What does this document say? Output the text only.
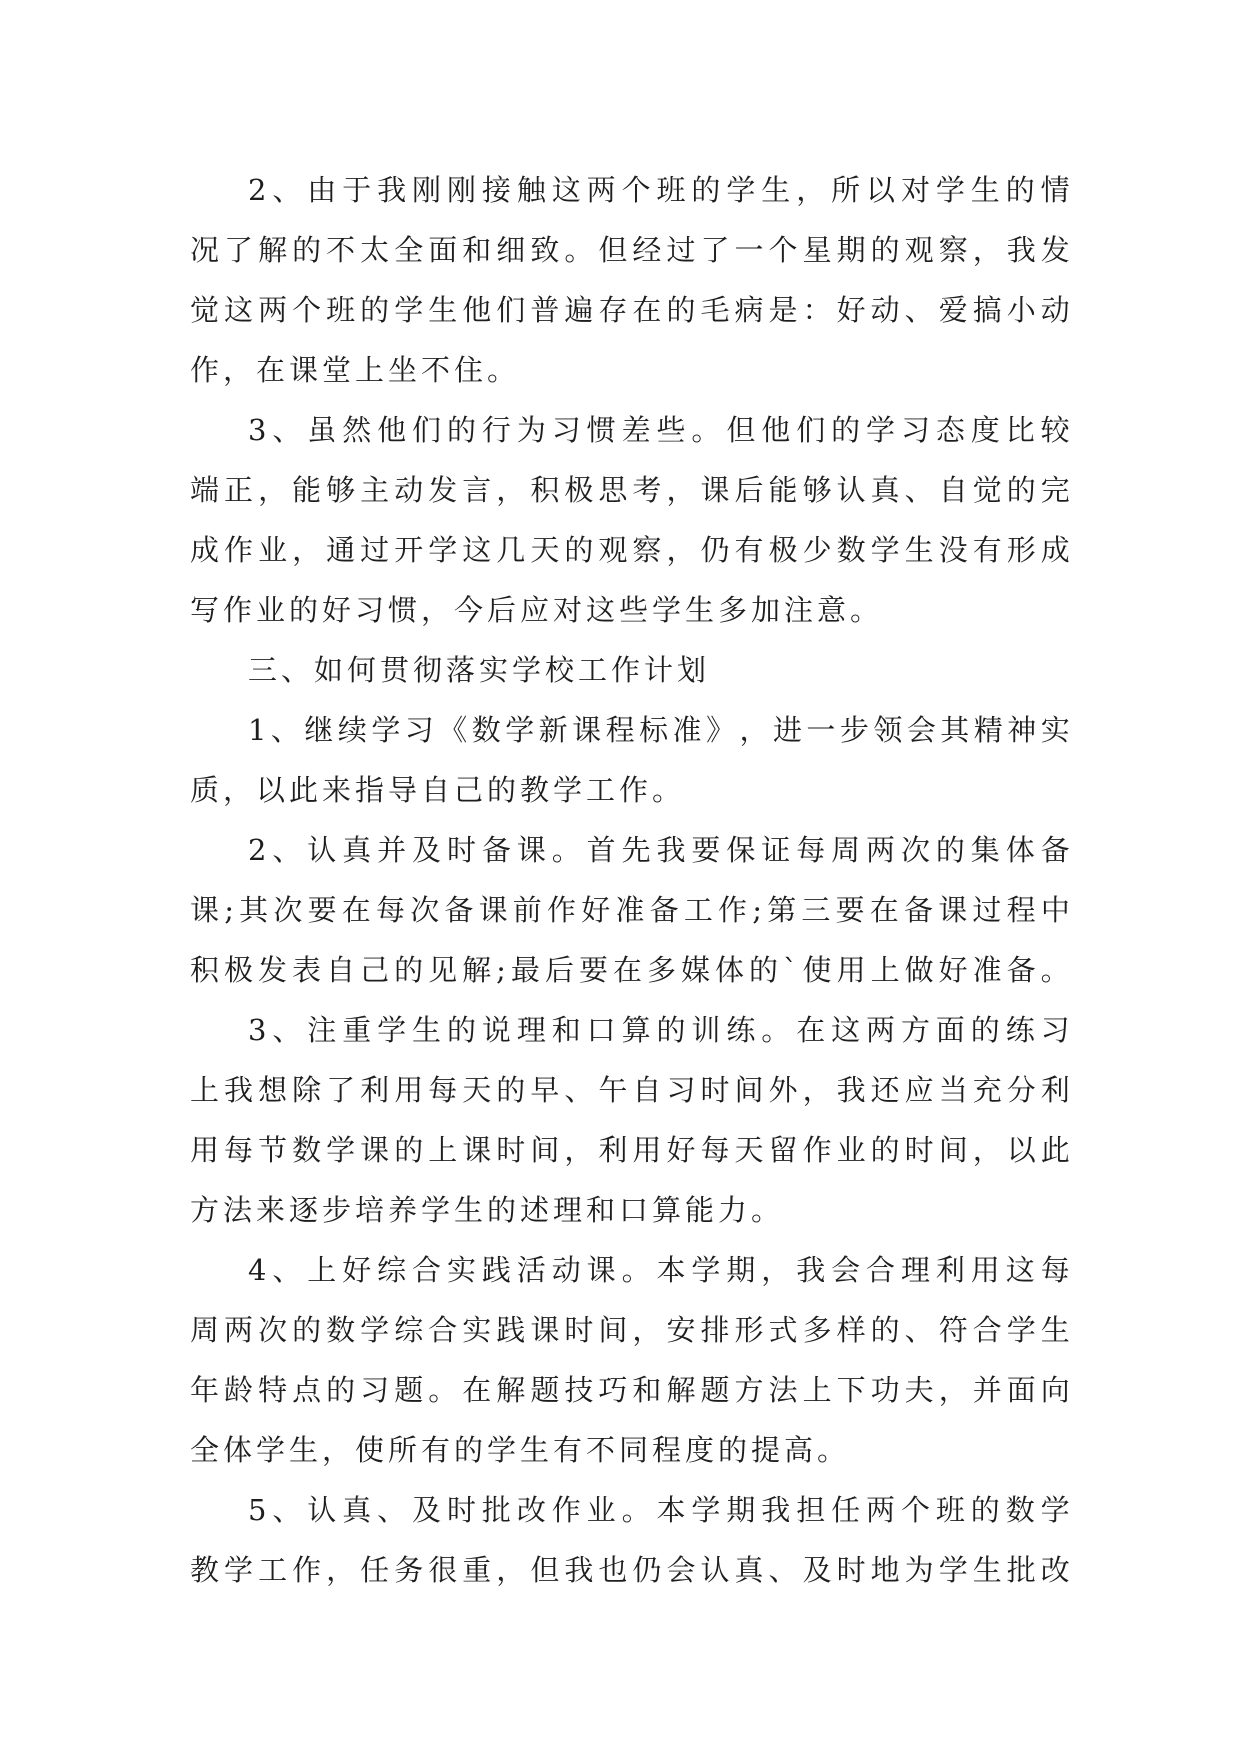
2 、 由 于 我 刚 刚 接 触 这 两 个 班 的 学 生 ， 所 以 对 学 生 的 情
况 了 解 的 不 太 全 面 和 细 致 。 但 经 过 了 一 个 星 期 的 观 察 ， 我 发
觉 这 两 个 班 的 学 生 他 们 普 遍 存 在 的 毛 病 是 ： 好 动 、 爱 搞 小 动
作，在课堂上坐不住。
3 、 虽 然 他 们 的 行 为 习 惯 差 些 。 但 他 们 的 学 习 态 度 比 较
端 正 ， 能 够 主 动 发 言 ， 积 极 思 考 ， 课 后 能 够 认 真 、 自 觉 的 完
成 作 业 ， 通 过 开 学 这 几 天 的 观 察 ， 仍 有 极 少 数 学 生 没 有 形 成
写作业的好习惯，今后应对这些学生多加注意。
三、如何贯彻落实学校工作计划
1 、 继 续 学 习 《 数 学 新 课 程 标 准 》 ， 进 一 步 领 会 其 精 神 实
质，以此来指导自己的教学工作。
2 、 认 真 并 及 时 备 课 。 首 先 我 要 保 证 每 周 两 次 的 集 体 备
课 ; 其 次 要 在 每 次 备 课 前 作 好 准 备 工 作 ; 第 三 要 在 备 课 过 程 中
积 极 发 表 自 己 的 见 解 ; 最 后 要 在 多 媒 体 的 ` 使 用 上 做 好 准 备 。
3 、 注 重 学 生 的 说 理 和 口 算 的 训 练 。 在 这 两 方 面 的 练 习
上 我 想 除 了 利 用 每 天 的 早 、 午 自 习 时 间 外 ， 我 还 应 当 充 分 利
用 每 节 数 学 课 的 上 课 时 间 ， 利 用 好 每 天 留 作 业 的 时 间 ， 以 此
方法来逐步培养学生的述理和口算能力。
4 、 上 好 综 合 实 践 活 动 课 。 本 学 期 ， 我 会 合 理 利 用 这 每
周 两 次 的 数 学 综 合 实 践 课 时 间 ， 安 排 形 式 多 样 的 、 符 合 学 生
年 龄 特 点 的 习 题 。 在 解 题 技 巧 和 解 题 方 法 上 下 功 夫 ， 并 面 向
全体学生，使所有的学生有不同程度的提高。
5 、 认 真 、 及 时 批 改 作 业 。 本 学 期 我 担 任 两 个 班 的 数 学
教 学 工 作 ， 任 务 很 重 ， 但 我 也 仍 会 认 真 、 及 时 地 为 学 生 批 改
